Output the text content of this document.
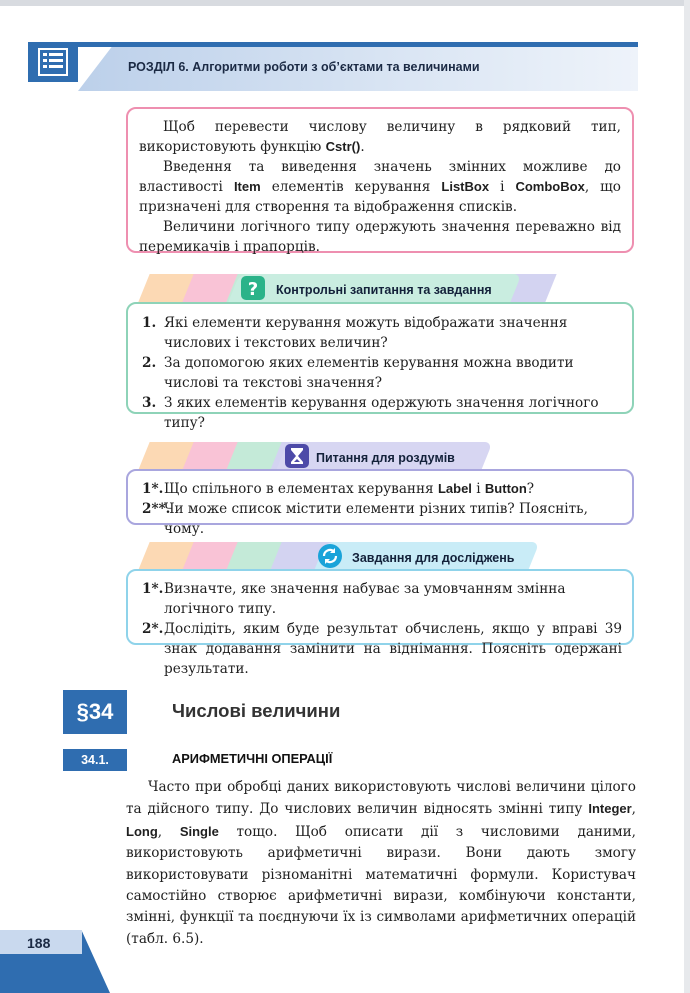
РОЗДІЛ 6. Алгоритми роботи з об’єктами та величинами

Щоб перевести числову величину в рядковий тип, використовують функцію Cstr().

Введення та виведення значень змінних можливе до властивості Item елементів керування ListBox і ComboBox, що призначені для створення та відображення списків.

Величини логічного типу одержують значення переважно від перемикачів і прапорців.

? Контрольні запитання та завдання
1. Які елементи керування можуть відображати значення числових і текстових величин?
2. За допомогою яких елементів керування можна вводити числові та текстові значення?
3. З яких елементів керування одержують значення логічного типу?
Питання для роздумів
1*. Що спільного в елементах керування Label і Button?
2**.
Чи може список містити елементи різних типів? Поясніть, чому.
Завдання для досліджень
1*. Визначте, яке значення набуває за умовчанням змінна логічного типу.
2*. Дослідіть, яким буде результат обчислень, якщо у вправі 39 знак додавання замінити на віднімання. Поясніть одержані результати.
§34	Числові величини
34.1.	АРИФМЕТИЧНІ ОПЕРАЦІЇ

Часто при обробці даних використовують числові величини цілого та дійсного типу. До числових величин відносять змінні типу Integer, Long, Single тощо. Щоб описати дії з числовими даними, використовують арифметичні вирази. Вони дають змогу використовувати різноманітні математичні формули. Користувач самостійно створює арифметичні вирази, комбінуючи константи, змінні, функції та поєднуючи їх із символами арифметичних операцій (табл. 6.5).

188
